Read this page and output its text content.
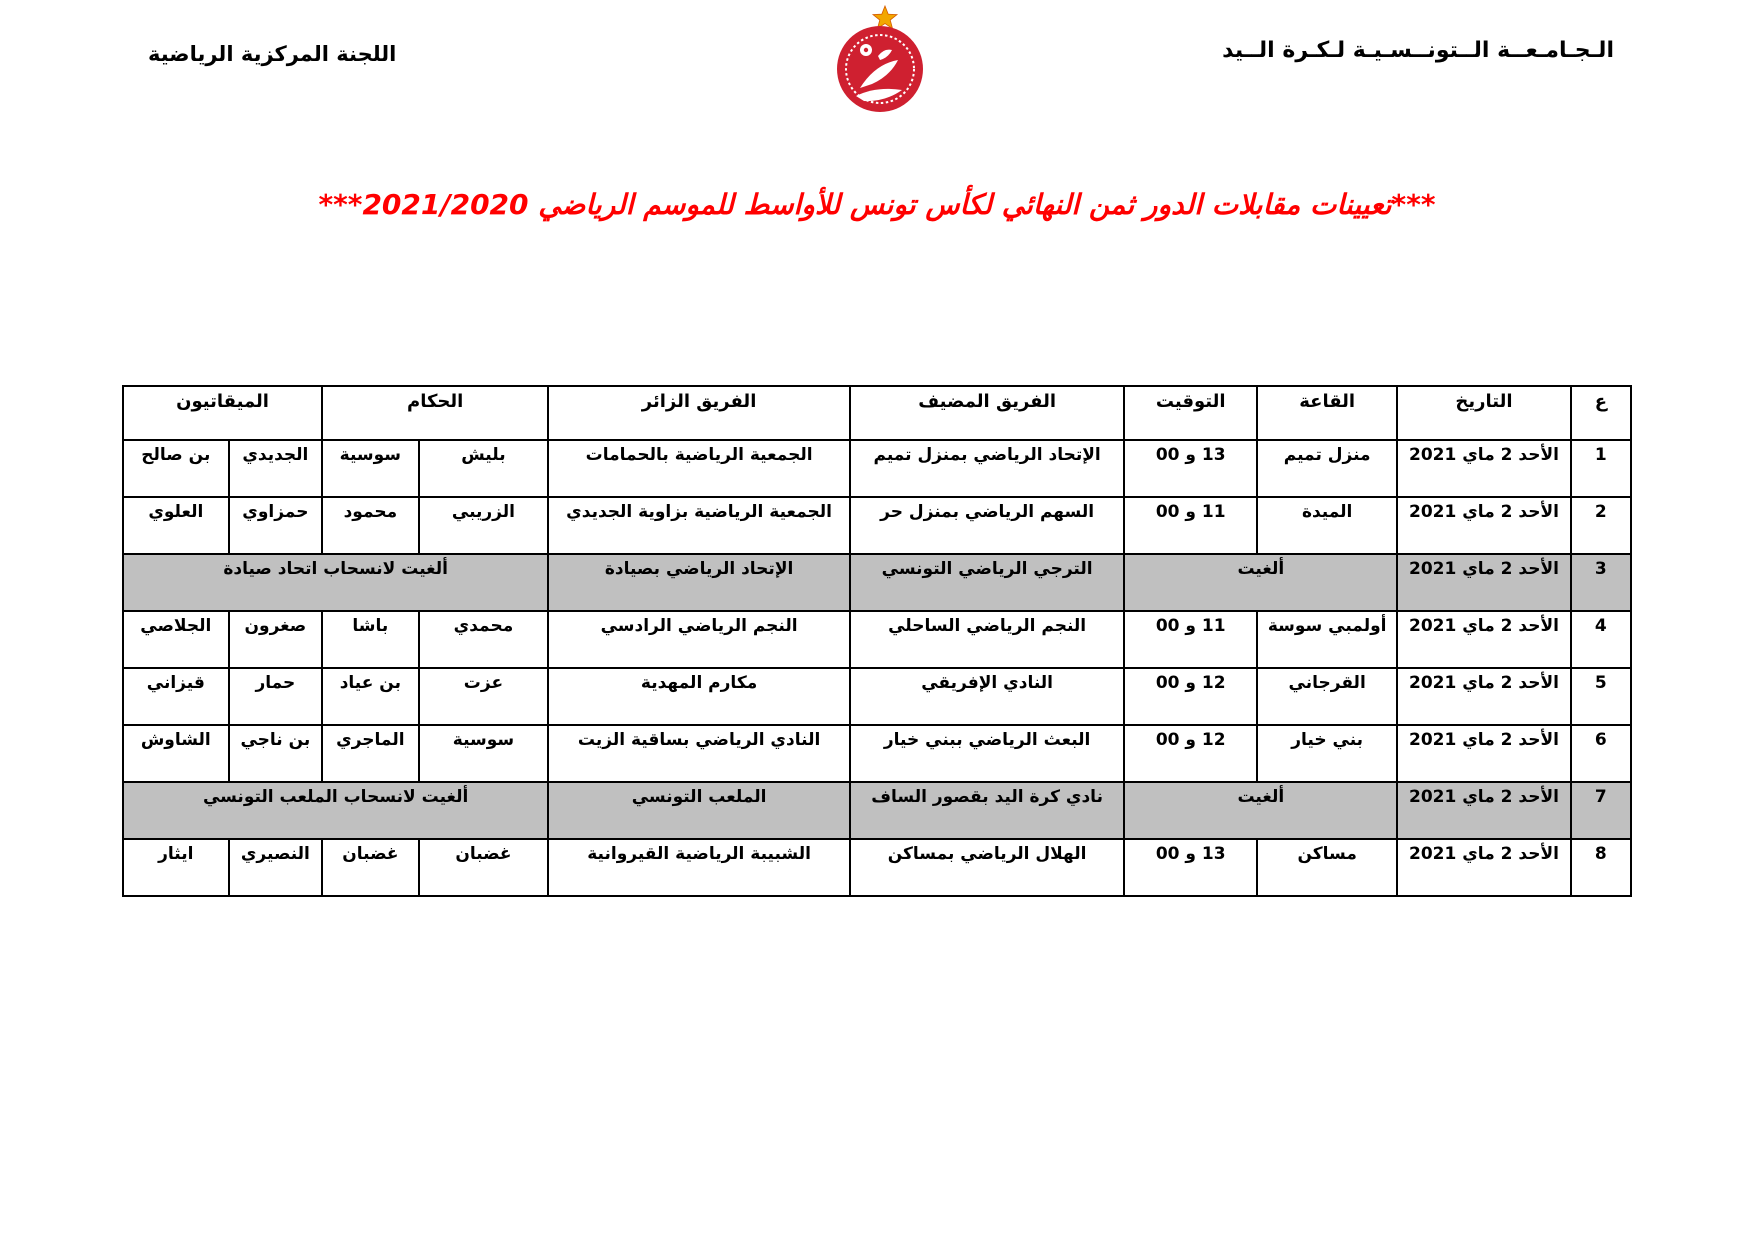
الـجـامـعــة الــتونــسـيـة لـكـرة الــيد
اللجنة المركزية الرياضية
***تعيينات مقابلات الدور ثمن النهائي لكأس تونس للأواسط للموسم الرياضي 2021/2020***
ع	التاريخ	القاعة	التوقيت	الفريق المضيف	الفريق الزائر	الحكام		الميقاتيون	
1	الأحد 2 ماي 2021	منزل تميم	13 و 00	الإتحاد الرياضي بمنزل تميم	الجمعية الرياضية بالحمامات	بليش	سوسية	الجديدي	بن صالح
2	الأحد 2 ماي 2021	الميدة	11 و 00	السهم الرياضي بمنزل حر	الجمعية الرياضية بزاوية الجديدي	الزريبي	محمود	حمزاوي	العلوي
3	الأحد 2 ماي 2021	ألغيت		الترجي الرياضي التونسي	الإتحاد الرياضي بصيادة	ألغيت لانسحاب اتحاد صيادة			
4	الأحد 2 ماي 2021	أولمبي سوسة	11 و 00	النجم الرياضي الساحلي	النجم الرياضي الرادسي	محمدي	باشا	صغرون	الجلاصي
5	الأحد 2 ماي 2021	القرجاني	12 و 00	النادي الإفريقي	مكارم المهدية	عزت	بن عياد	حمار	قيزاني
6	الأحد 2 ماي 2021	بني خيار	12 و 00	البعث الرياضي ببني خيار	النادي الرياضي بساقية الزيت	سوسية	الماجري	بن ناجي	الشاوش
7	الأحد 2 ماي 2021	ألغيت		نادي كرة اليد بقصور الساف	الملعب التونسي	ألغيت لانسحاب الملعب التونسي			
8	الأحد 2 ماي 2021	مساكن	13 و 00	الهلال الرياضي بمساكن	الشبيبة الرياضية القيروانية	غضبان	غضبان	النصيري	ايثار
